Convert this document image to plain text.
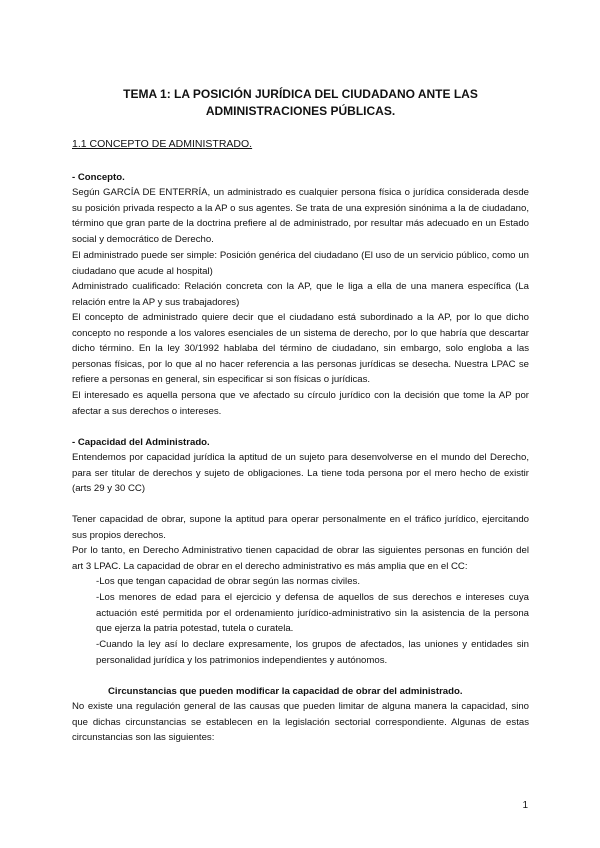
TEMA 1: LA POSICIÓN JURÍDICA DEL CIUDADANO ANTE LAS
ADMINISTRACIONES PÚBLICAS.
1.1 CONCEPTO DE ADMINISTRADO.

- Concepto.

Según GARCÍA DE ENTERRÍA, un administrado es cualquier persona física o jurídica considerada desde su posición privada respecto a la AP o sus agentes. Se trata de una expresión sinónima a la de ciudadano, término que gran parte de la doctrina prefiere al de administrado, por resultar más adecuado en un Estado social y democrático de Derecho.

El administrado puede ser simple: Posición genérica del ciudadano (El uso de un servicio público, como un ciudadano que acude al hospital)

Administrado cualificado: Relación concreta con la AP, que le liga a ella de una manera específica (La relación entre la AP y sus trabajadores)

El concepto de administrado quiere decir que el ciudadano está subordinado a la AP, por lo que dicho concepto no responde a los valores esenciales de un sistema de derecho, por lo que habría que descartar dicho término. En la ley 30/1992 hablaba del término de ciudadano, sin embargo, solo engloba a las personas físicas, por lo que al no hacer referencia a las personas jurídicas se desecha. Nuestra LPAC se refiere a personas en general, sin especificar si son físicas o jurídicas.

El interesado es aquella persona que ve afectado su círculo jurídico con la decisión que tome la AP por afectar a sus derechos o intereses.

- Capacidad del Administrado.

Entendemos por capacidad jurídica la aptitud de un sujeto para desenvolverse en el mundo del Derecho, para ser titular de derechos y sujeto de obligaciones. La tiene toda persona por el mero hecho de existir (arts 29 y 30 CC)

Tener capacidad de obrar, supone la aptitud para operar personalmente en el tráfico jurídico, ejercitando sus propios derechos.

Por lo tanto, en Derecho Administrativo tienen capacidad de obrar las siguientes personas en función del art 3 LPAC. La capacidad de obrar en el derecho administrativo es más amplia que en el CC:

-Los que tengan capacidad de obrar según las normas civiles.

-Los menores de edad para el ejercicio y defensa de aquellos de sus derechos e intereses cuya actuación esté permitida por el ordenamiento jurídico-administrativo sin la asistencia de la persona que ejerza la patria potestad, tutela o curatela.

-Cuando la ley así lo declare expresamente, los grupos de afectados, las uniones y entidades sin personalidad jurídica y los patrimonios independientes y autónomos.

Circunstancias que pueden modificar la capacidad de obrar del administrado.

No existe una regulación general de las causas que pueden limitar de alguna manera la capacidad, sino que dichas circunstancias se establecen en la legislación sectorial correspondiente. Algunas de estas circunstancias son las siguientes:

1
